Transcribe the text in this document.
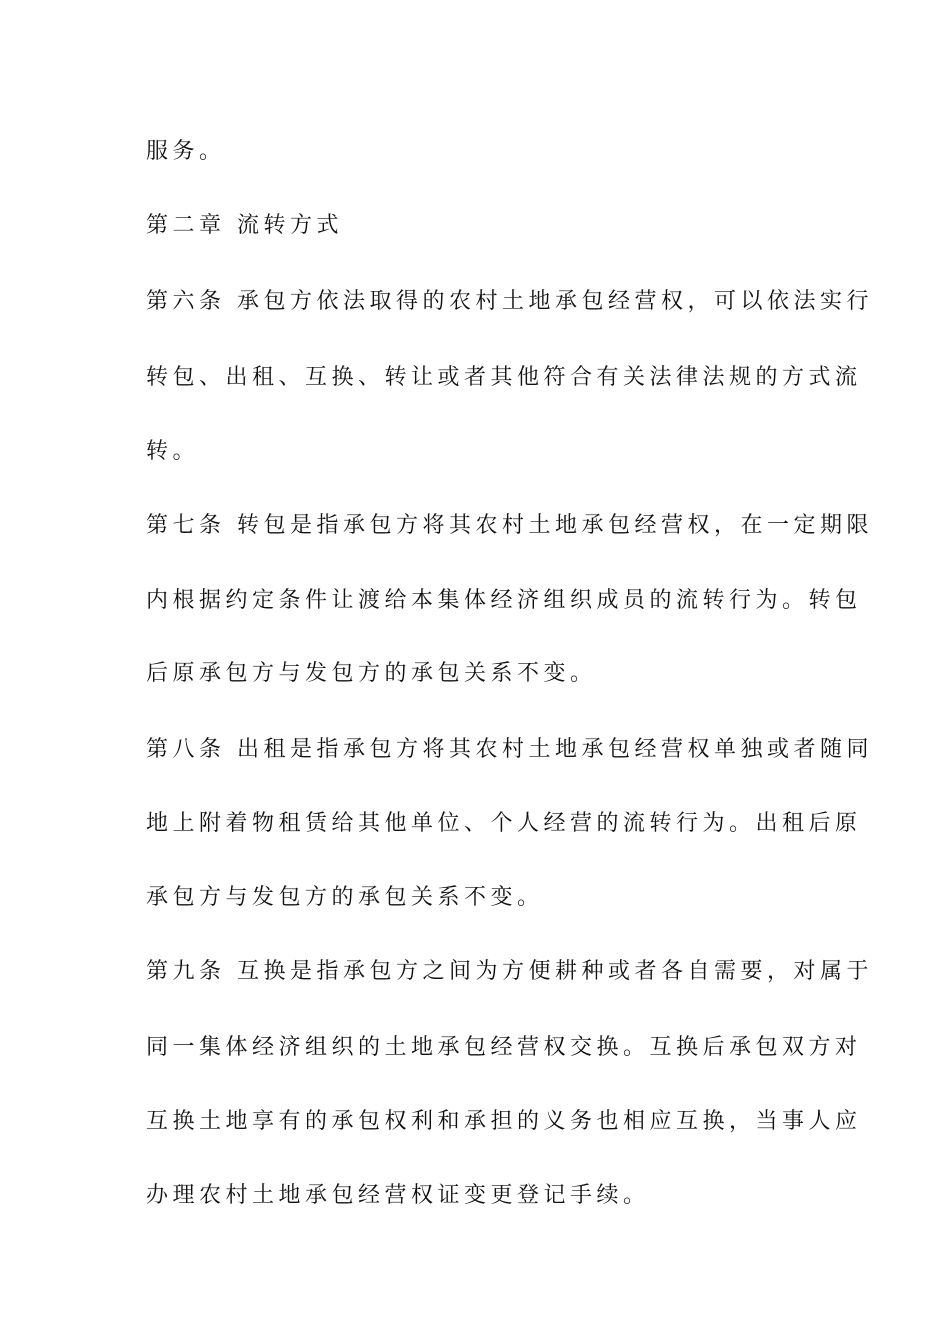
服务。
第二章 流转方式
第六条 承包方依法取得的农村土地承包经营权，可以依法实行
转包、出租、互换、转让或者其他符合有关法律法规的方式流
转。
第七条 转包是指承包方将其农村土地承包经营权，在一定期限
内根据约定条件让渡给本集体经济组织成员的流转行为。转包
后原承包方与发包方的承包关系不变。
第八条 出租是指承包方将其农村土地承包经营权单独或者随同
地上附着物租赁给其他单位、个人经营的流转行为。出租后原
承包方与发包方的承包关系不变。
第九条 互换是指承包方之间为方便耕种或者各自需要，对属于
同一集体经济组织的土地承包经营权交换。互换后承包双方对
互换土地享有的承包权利和承担的义务也相应互换，当事人应
办理农村土地承包经营权证变更登记手续。
